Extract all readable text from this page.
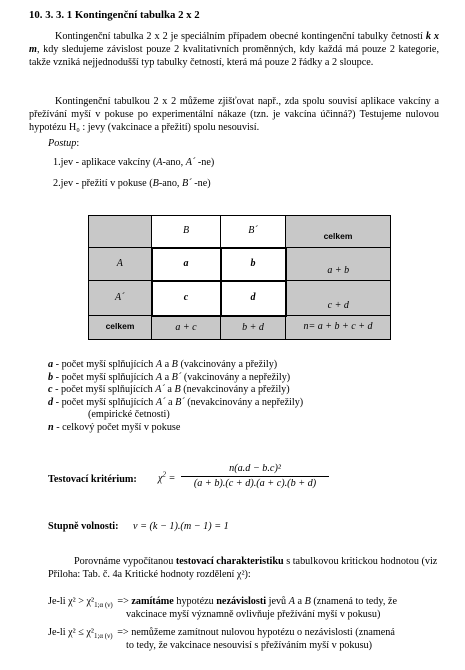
10. 3. 3. 1 Kontingenční tabulka 2 x 2
Kontingenční tabulka 2 x 2 je speciálním případem obecné kontingenční tabulky četností k x m, kdy sledujeme závislost pouze 2 kvalitativních proměnných, kdy každá má pouze 2 kategorie, takže vzniká nejjednodušší typ tabulky četností, která má pouze 2 řádky a 2 sloupce.
Kontingenční tabulkou 2 x 2 můžeme zjišťovat např., zda spolu souvisí aplikace vakcíny a přežívání myší v pokuse po experimentální nákaze (tzn. je vakcína účinná?) Testujeme nulovou hypotézu H₀ : jevy (vakcinace a přežití) spolu nesouvisí.
Postup:
1.jev - aplikace vakcíny (A-ano, A´ -ne)
2.jev - přežití v pokuse (B-ano, B´ -ne)
	B	B´	celkem
A	a	b	a + b
A´	c	d	c + d
celkem	a + c	b + d	n= a + b + c + d
a - počet myší splňujících A a B (vakcinovány a přežily)
b - počet myší splňujících A a B´ (vakcinovány a nepřežily)
c - počet myší splňujících A´ a B (nevakcinovány a přežily)
d - počet myší splňujících A´ a B´ (nevakcinovány a nepřežily)
(empirické četnosti)
n - celkový počet myší v pokuse
Testovací kritérium: $\chi^2 = \frac{\text{n(a.d − b.c)²}}{(a + b).(c + d).(a + c).(b + d)}$
Stupně volnosti: ν = (k − 1).(m − 1) = 1
Porovnáme vypočítanou testovací charakteristiku s tabulkovou kritickou hodnotou (viz Příloha: Tab. č. 4a Kritické hodnoty rozdělení χ²):
Je-li $\chi^2 > \chi^2_{1;\alpha (\nu)}$ => zamítáme hypotézu nezávislosti jevů A a B (znamená to tedy, že
vakcinace myší významně ovlivňuje přežívání myší v pokusu)
Je-li $\chi^2 \le \chi^2_{1;\alpha (\nu)}$ => nemůžeme zamítnout nulovou hypotézu o nezávislosti (znamená
to tedy, že vakcinace nesouvisí s přežíváním myší v pokusu)
